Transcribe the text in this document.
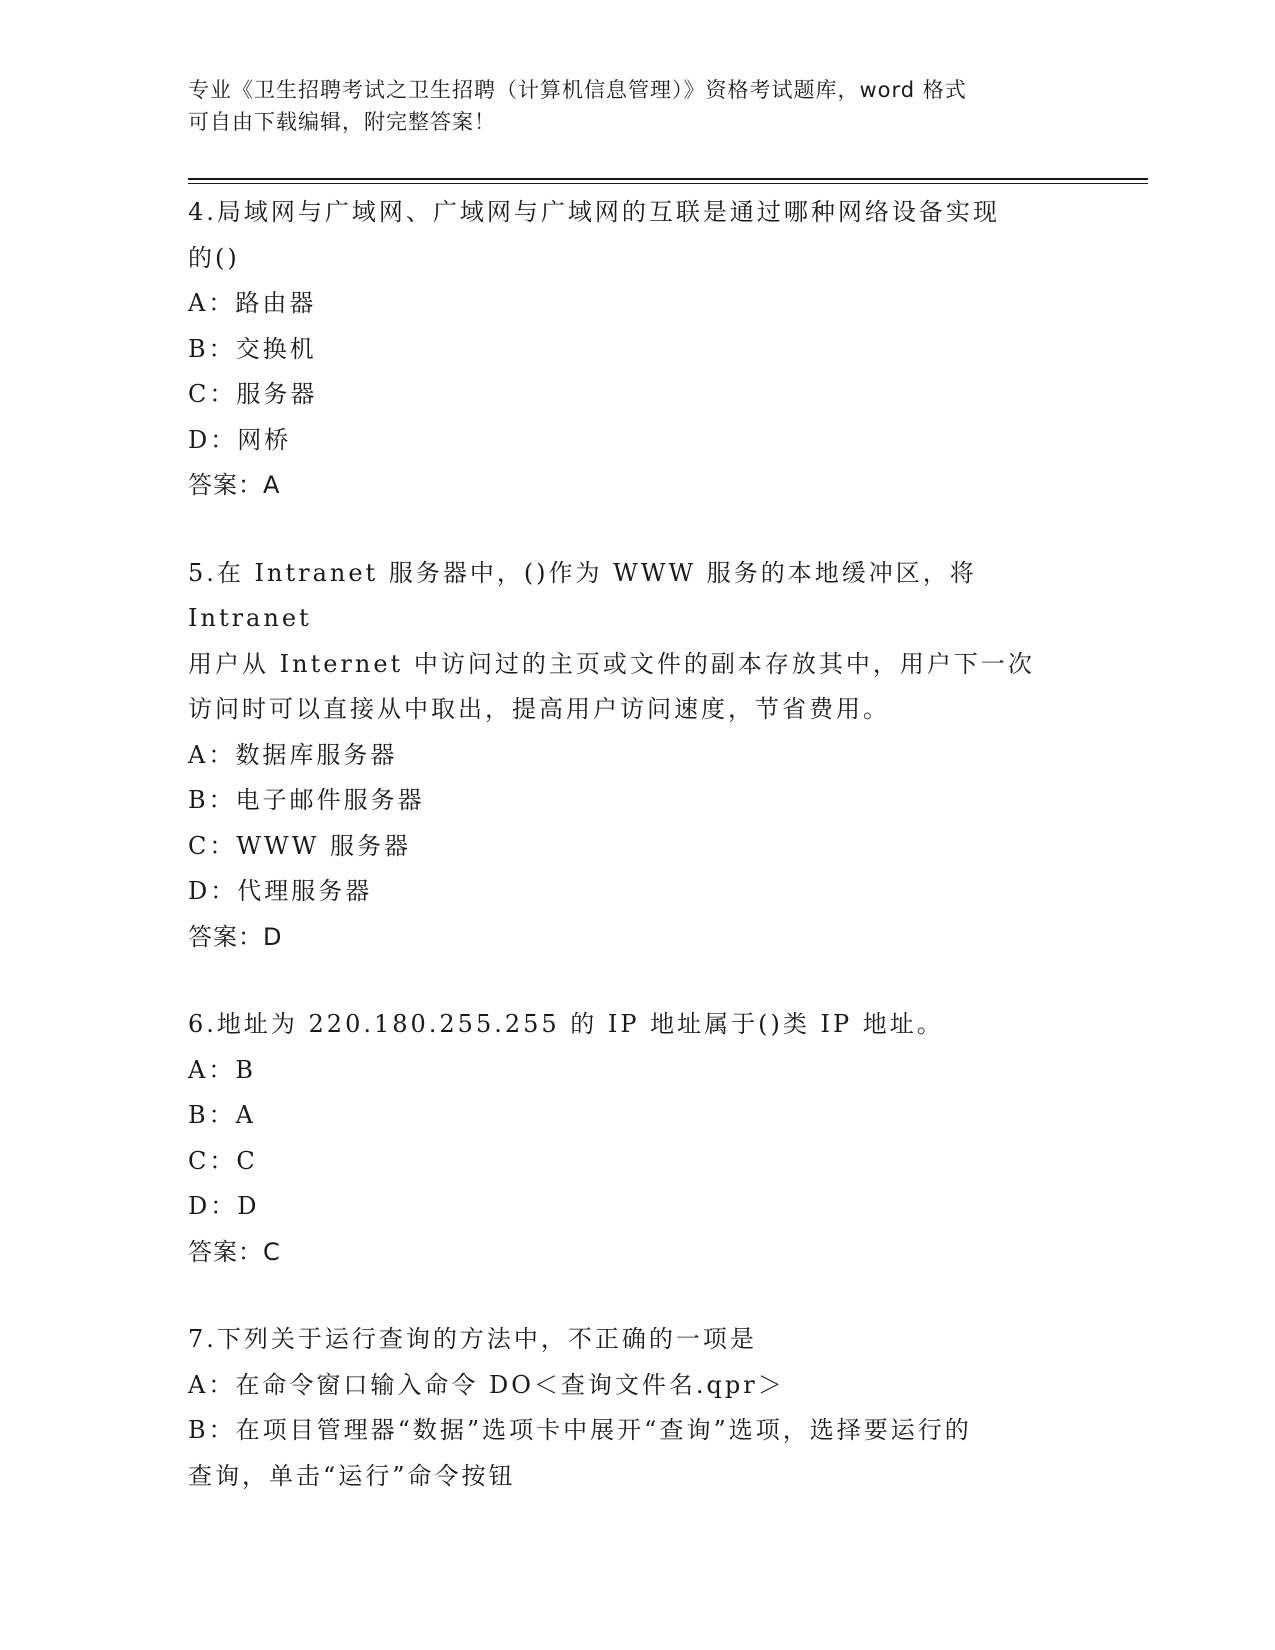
专业《卫生招聘考试之卫生招聘（计算机信息管理）》资格考试题库，word 格式
可自由下载编辑，附完整答案！
4.局域网与广域网、广域网与广域网的互联是通过哪种网络设备实现
的()
A：路由器
B：交换机
C：服务器
D：网桥
答案：A
5.在 Intranet 服务器中，()作为 WWW 服务的本地缓冲区，将 Intranet
用户从 Internet 中访问过的主页或文件的副本存放其中，用户下一次
访问时可以直接从中取出，提高用户访问速度，节省费用。
A：数据库服务器
B：电子邮件服务器
C：WWW 服务器
D：代理服务器
答案：D
6.地址为 220.180.255.255 的 IP 地址属于()类 IP 地址。
A：B
B：A
C：C
D：D
答案：C
7.下列关于运行查询的方法中，不正确的一项是
A：在命令窗口输入命令 DO＜查询文件名.qpr＞
B：在项目管理器“数据”选项卡中展开“查询”选项，选择要运行的
查询，单击“运行”命令按钮
